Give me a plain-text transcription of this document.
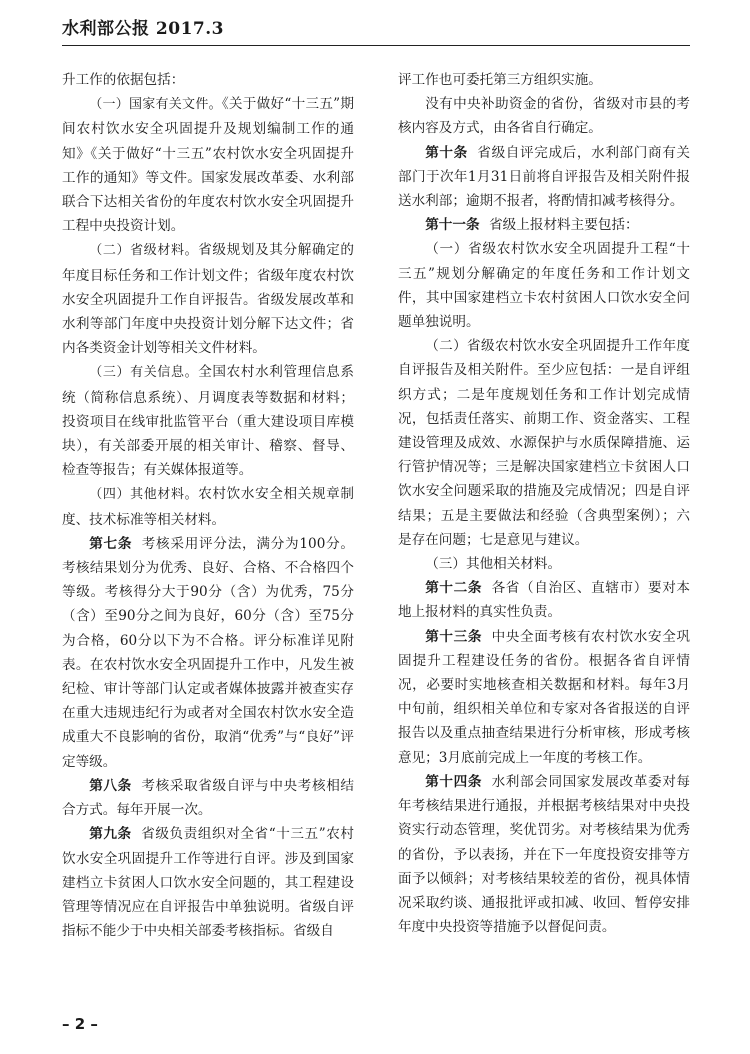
水利部公报 2017.3

升工作的依据包括：

（一）国家有关文件。《关于做好“十三五”期间农村饮水安全巩固提升及规划编制工作的通知》《关于做好“十三五”农村饮水安全巩固提升工作的通知》等文件。国家发展改革委、水利部联合下达相关省份的年度农村饮水安全巩固提升工程中央投资计划。

（二）省级材料。省级规划及其分解确定的年度目标任务和工作计划文件；省级年度农村饮水安全巩固提升工作自评报告。省级发展改革和水利等部门年度中央投资计划分解下达文件；省内各类资金计划等相关文件材料。

（三）有关信息。全国农村水利管理信息系统（简称信息系统）、月调度表等数据和材料；投资项目在线审批监管平台（重大建设项目库模块），有关部委开展的相关审计、稽察、督导、检查等报告；有关媒体报道等。

（四）其他材料。农村饮水安全相关规章制度、技术标准等相关材料。

第七条 考核采用评分法，满分为100分。考核结果划分为优秀、良好、合格、不合格四个等级。考核得分大于90分（含）为优秀，75分（含）至90分之间为良好，60分（含）至75分为合格，60分以下为不合格。评分标准详见附表。在农村饮水安全巩固提升工作中，凡发生被纪检、审计等部门认定或者媒体披露并被查实存在重大违规违纪行为或者对全国农村饮水安全造成重大不良影响的省份，取消“优秀”与“良好”评定等级。

第八条 考核采取省级自评与中央考核相结合方式。每年开展一次。

第九条 省级负责组织对全省“十三五”农村饮水安全巩固提升工作等进行自评。涉及到国家建档立卡贫困人口饮水安全问题的，其工程建设管理等情况应在自评报告中单独说明。省级自评指标不能少于中央相关部委考核指标。省级自

评工作也可委托第三方组织实施。

没有中央补助资金的省份，省级对市县的考核内容及方式，由各省自行确定。

第十条 省级自评完成后，水利部门商有关部门于次年1月31日前将自评报告及相关附件报送水利部；逾期不报者，将酌情扣减考核得分。

第十一条 省级上报材料主要包括：

（一）省级农村饮水安全巩固提升工程“十三五”规划分解确定的年度任务和工作计划文件，其中国家建档立卡农村贫困人口饮水安全问题单独说明。

（二）省级农村饮水安全巩固提升工作年度自评报告及相关附件。至少应包括：一是自评组织方式；二是年度规划任务和工作计划完成情况，包括责任落实、前期工作、资金落实、工程建设管理及成效、水源保护与水质保障措施、运行管护情况等；三是解决国家建档立卡贫困人口饮水安全问题采取的措施及完成情况；四是自评结果；五是主要做法和经验（含典型案例）；六是存在问题；七是意见与建议。

（三）其他相关材料。

第十二条 各省（自治区、直辖市）要对本地上报材料的真实性负责。

第十三条 中央全面考核有农村饮水安全巩固提升工程建设任务的省份。根据各省自评情况，必要时实地核查相关数据和材料。每年3月中旬前，组织相关单位和专家对各省报送的自评报告以及重点抽查结果进行分析审核，形成考核意见；3月底前完成上一年度的考核工作。

第十四条 水利部会同国家发展改革委对每年考核结果进行通报，并根据考核结果对中央投资实行动态管理，奖优罚劣。对考核结果为优秀的省份，予以表扬，并在下一年度投资安排等方面予以倾斜；对考核结果较差的省份，视具体情况采取约谈、通报批评或扣减、收回、暂停安排年度中央投资等措施予以督促问责。

– 2 –
